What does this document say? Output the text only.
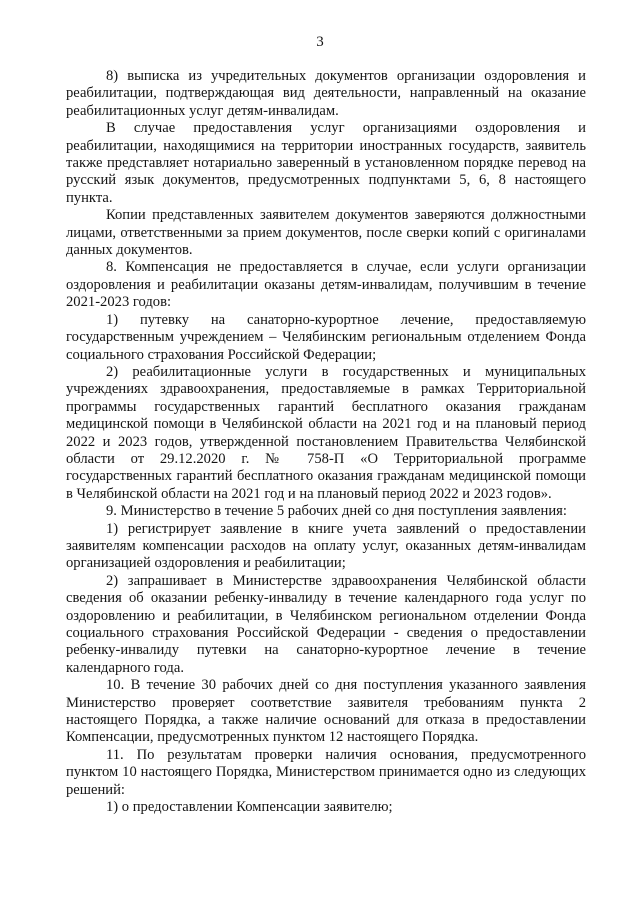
3

8) выписка из учредительных документов организации оздоровления и реабилитации, подтверждающая вид деятельности, направленный на оказание реабилитационных услуг детям-инвалидам.

В случае предоставления услуг организациями оздоровления и реабилитации, находящимися на территории иностранных государств, заявитель также представляет нотариально заверенный в установленном порядке перевод на русский язык документов, предусмотренных подпунктами 5, 6, 8 настоящего пункта.

Копии представленных заявителем документов заверяются должностными лицами, ответственными за прием документов, после сверки копий с оригиналами данных документов.

8. Компенсация не предоставляется в случае, если услуги организации оздоровления и реабилитации оказаны детям-инвалидам, получившим в течение 2021-2023 годов:

1) путевку на санаторно-курортное лечение, предоставляемую государственным учреждением – Челябинским региональным отделением Фонда социального страхования Российской Федерации;

2) реабилитационные услуги в государственных и муниципальных учреждениях здравоохранения, предоставляемые в рамках Территориальной программы государственных гарантий бесплатного оказания гражданам медицинской помощи в Челябинской области на 2021 год и на плановый период 2022 и 2023 годов, утвержденной постановлением Правительства Челябинской области от 29.12.2020 г. № 758-П «О Территориальной программе государственных гарантий бесплатного оказания гражданам медицинской помощи в Челябинской области на 2021 год и на плановый период 2022 и 2023 годов».

9. Министерство в течение 5 рабочих дней со дня поступления заявления:

1) регистрирует заявление в книге учета заявлений о предоставлении заявителям компенсации расходов на оплату услуг, оказанных детям-инвалидам организацией оздоровления и реабилитации;

2) запрашивает в Министерстве здравоохранения Челябинской области сведения об оказании ребенку-инвалиду в течение календарного года услуг по оздоровлению и реабилитации, в Челябинском региональном отделении Фонда социального страхования Российской Федерации - сведения о предоставлении ребенку-инвалиду путевки на санаторно-курортное лечение в течение календарного года.

10. В течение 30 рабочих дней со дня поступления указанного заявления Министерство проверяет соответствие заявителя требованиям пункта 2 настоящего Порядка, а также наличие оснований для отказа в предоставлении Компенсации, предусмотренных пунктом 12 настоящего Порядка.

11. По результатам проверки наличия основания, предусмотренного пунктом 10 настоящего Порядка, Министерством принимается одно из следующих решений:

1) о предоставлении Компенсации заявителю;
